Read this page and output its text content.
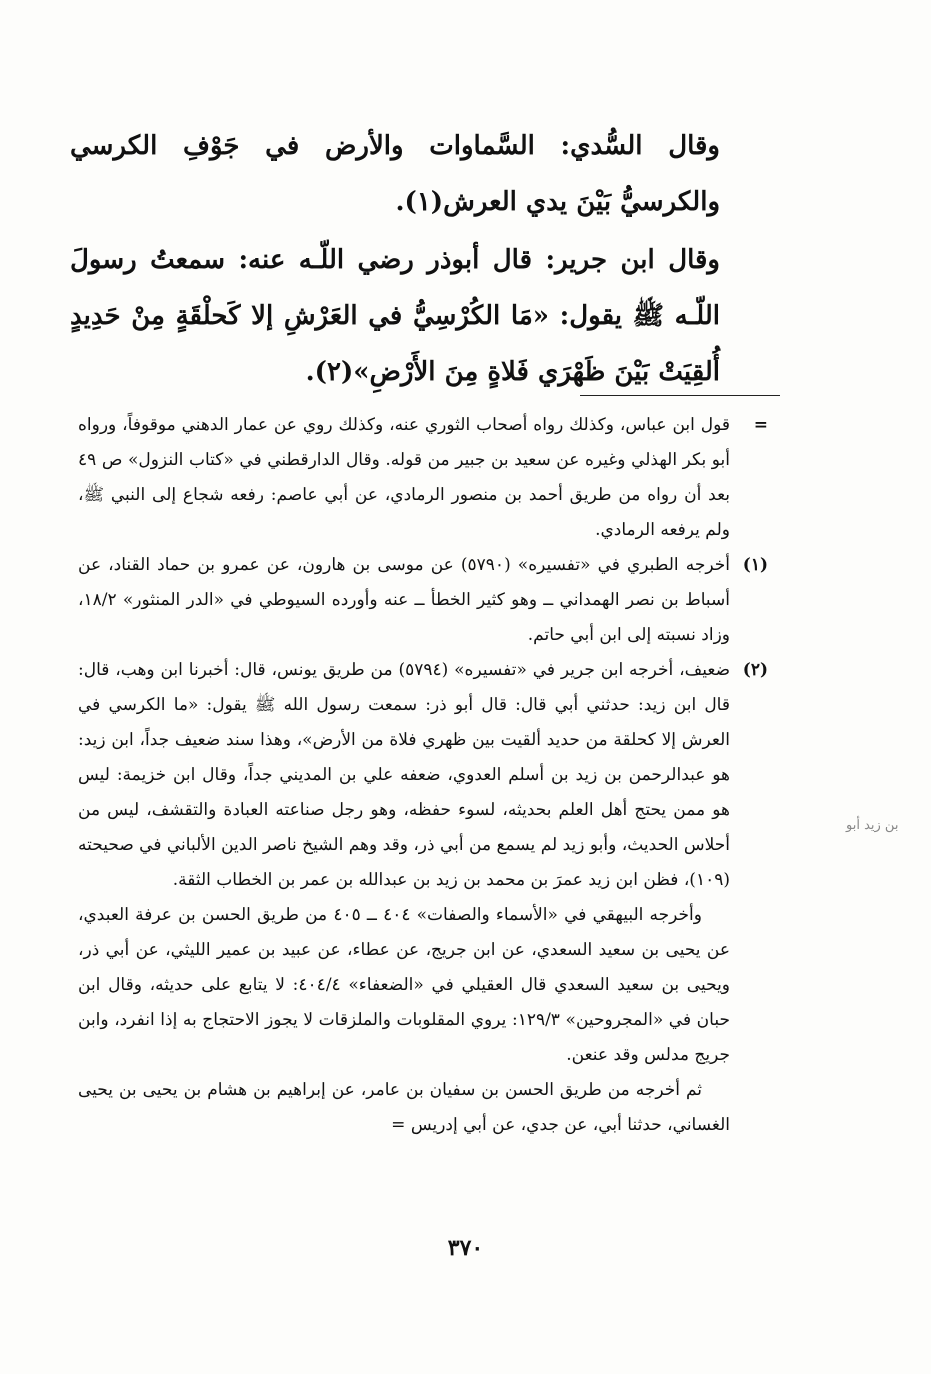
وقال السُّدي: السَّماوات والأرض في جَوْفِ الكرسي والكرسيُّ بَيْنَ يدي العرش(١).
وقال ابن جرير: قال أبوذر رضي اللّـه عنه: سمعتُ رسولَ اللّـه ﷺ يقول: «مَا الكُرْسِيُّ في العَرْشِ إلا كَحلْقَةٍ مِنْ حَدِيدٍ أُلقِيَتْ بَيْنَ ظَهْرَي فَلاةٍ مِنَ الأَرْضِ»(٢).
=
قول ابن عباس، وكذلك رواه أصحاب الثوري عنه، وكذلك روي عن عمار الدهني موقوفاً، ورواه أبو بكر الهذلي وغيره عن سعيد بن جبير من قوله. وقال الدارقطني في «كتاب النزول» ص ٤٩ بعد أن رواه من طريق أحمد بن منصور الرمادي، عن أبي عاصم: رفعه شجاع إلى النبي ﷺ، ولم يرفعه الرمادي.
(١)
أخرجه الطبري في «تفسيره» (٥٧٩٠) عن موسى بن هارون، عن عمرو بن حماد القناد، عن أسباط بن نصر الهمداني ــ وهو كثير الخطأ ــ عنه وأورده السيوطي في «الدر المنثور» ١٨/٢، وزاد نسبته إلى ابن أبي حاتم.
(٢)
ضعيف، أخرجه ابن جرير في «تفسيره» (٥٧٩٤) من طريق يونس، قال: أخبرنا ابن وهب، قال: قال ابن زيد: حدثني أبي قال: قال أبو ذر: سمعت رسول الله ﷺ يقول: «ما الكرسي في العرش إلا كحلقة من حديد ألقيت بين ظهري فلاة من الأرض»، وهذا سند ضعيف جداً، ابن زيد: هو عبدالرحمن بن زيد بن أسلم العدوي، ضعفه علي بن المديني جداً، وقال ابن خزيمة: ليس هو ممن يحتج أهل العلم بحديثه، لسوء حفظه، وهو رجل صناعته العبادة والتقشف، ليس من أحلاس الحديث، وأبو زيد لم يسمع من أبي ذر، وقد وهم الشيخ ناصر الدين الألباني في صحيحته (١٠٩)، فظن ابن زيد عمرَ بن محمد بن زيد بن عبدالله بن عمر بن الخطاب الثقة.
وأخرجه البيهقي في «الأسماء والصفات» ٤٠٤ ــ ٤٠٥ من طريق الحسن بن عرفة العبدي، عن يحيى بن سعيد السعدي، عن ابن جريج، عن عطاء، عن عبيد بن عمير الليثي، عن أبي ذر، ويحيى بن سعيد السعدي قال العقيلي في «الضعفاء» ٤٠٤/٤: لا يتابع على حديثه، وقال ابن حبان في «المجروحين» ١٢٩/٣: يروي المقلوبات والملزقات لا يجوز الاحتجاج به إذا انفرد، وابن جريج مدلس وقد عنعن.
ثم أخرجه من طريق الحسن بن سفيان بن عامر، عن إبراهيم بن هشام بن يحيى بن يحيى الغساني، حدثنا أبي، عن جدي، عن أبي إدريس =
بن زيد أبو
٣٧٠
